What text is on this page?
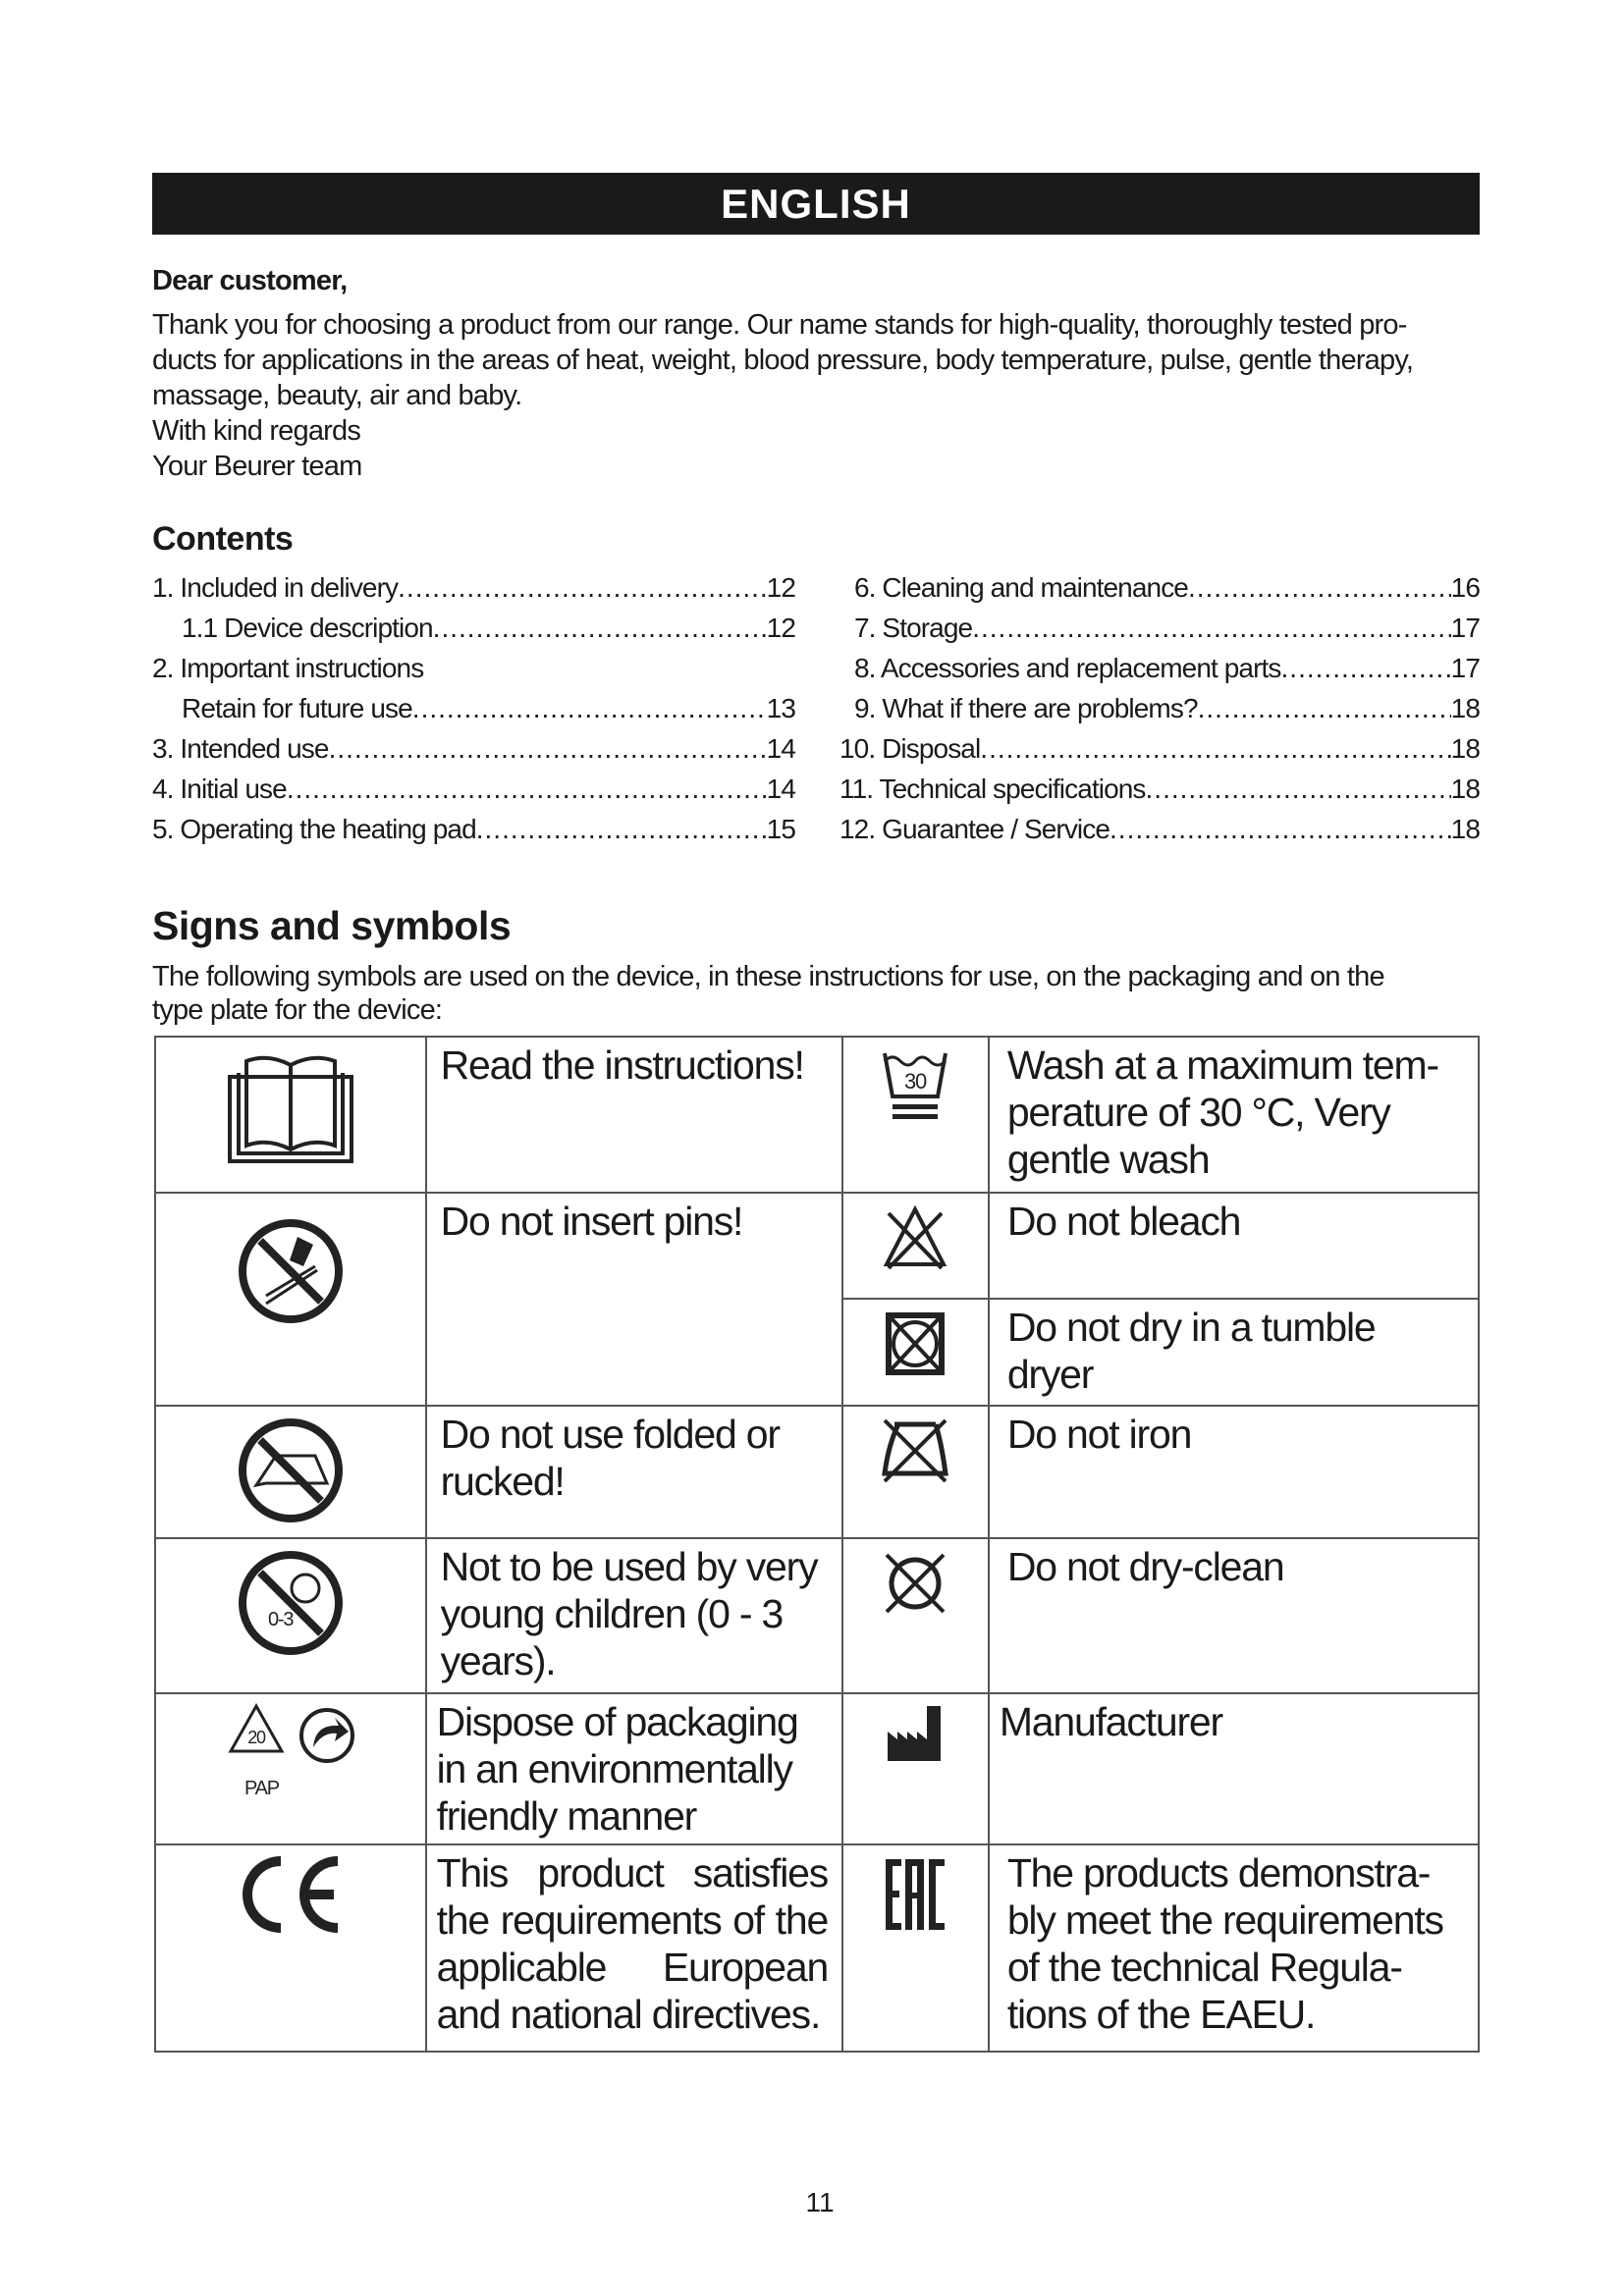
ENGLISH
Dear customer,
Thank you for choosing a product from our range. Our name stands for high-quality, thoroughly tested pro-
ducts for applications in the areas of heat, weight, blood pressure, body temperature, pulse, gentle therapy,
massage, beauty, air and baby.
With kind regards
Your Beurer team
Contents
1. Included in delivery .....	12
1.1 Device description .....	12
2. Important instructions
Retain for future use .....	13
3. Intended use .....	14
4. Initial use .....	14
5. Operating the heating pad .....	15
6. Cleaning and maintenance .....	16
7. Storage .....	17
8. Accessories and replacement parts .....	17
9. What if there are problems? .....	18
10. Disposal .....	18
11. Technical specifications .....	18
12. Guarantee / Service .....	18
Signs and symbols
The following symbols are used on the device, in these instructions for use, on the packaging and on the
type plate for the device:
	Read the instructions!	30	Wash at a maximum tem-perature of 30 °C, Very gentle wash
	Do not insert pins!		Do not bleach
	Do not dry in a tumble dryer
	Do not use folded or rucked!		Do not iron

0-3	Not to be used by very young children (0 - 3 years).		Do not dry-clean

20
PAP	Dispose of packaging in an environmentally friendly manner		Manufacturer
	This product satisfies the requirements of the applicable European and national directives.		The products demonstra-bly meet the requirements of the technical Regula-tions of the EAEU.
11
